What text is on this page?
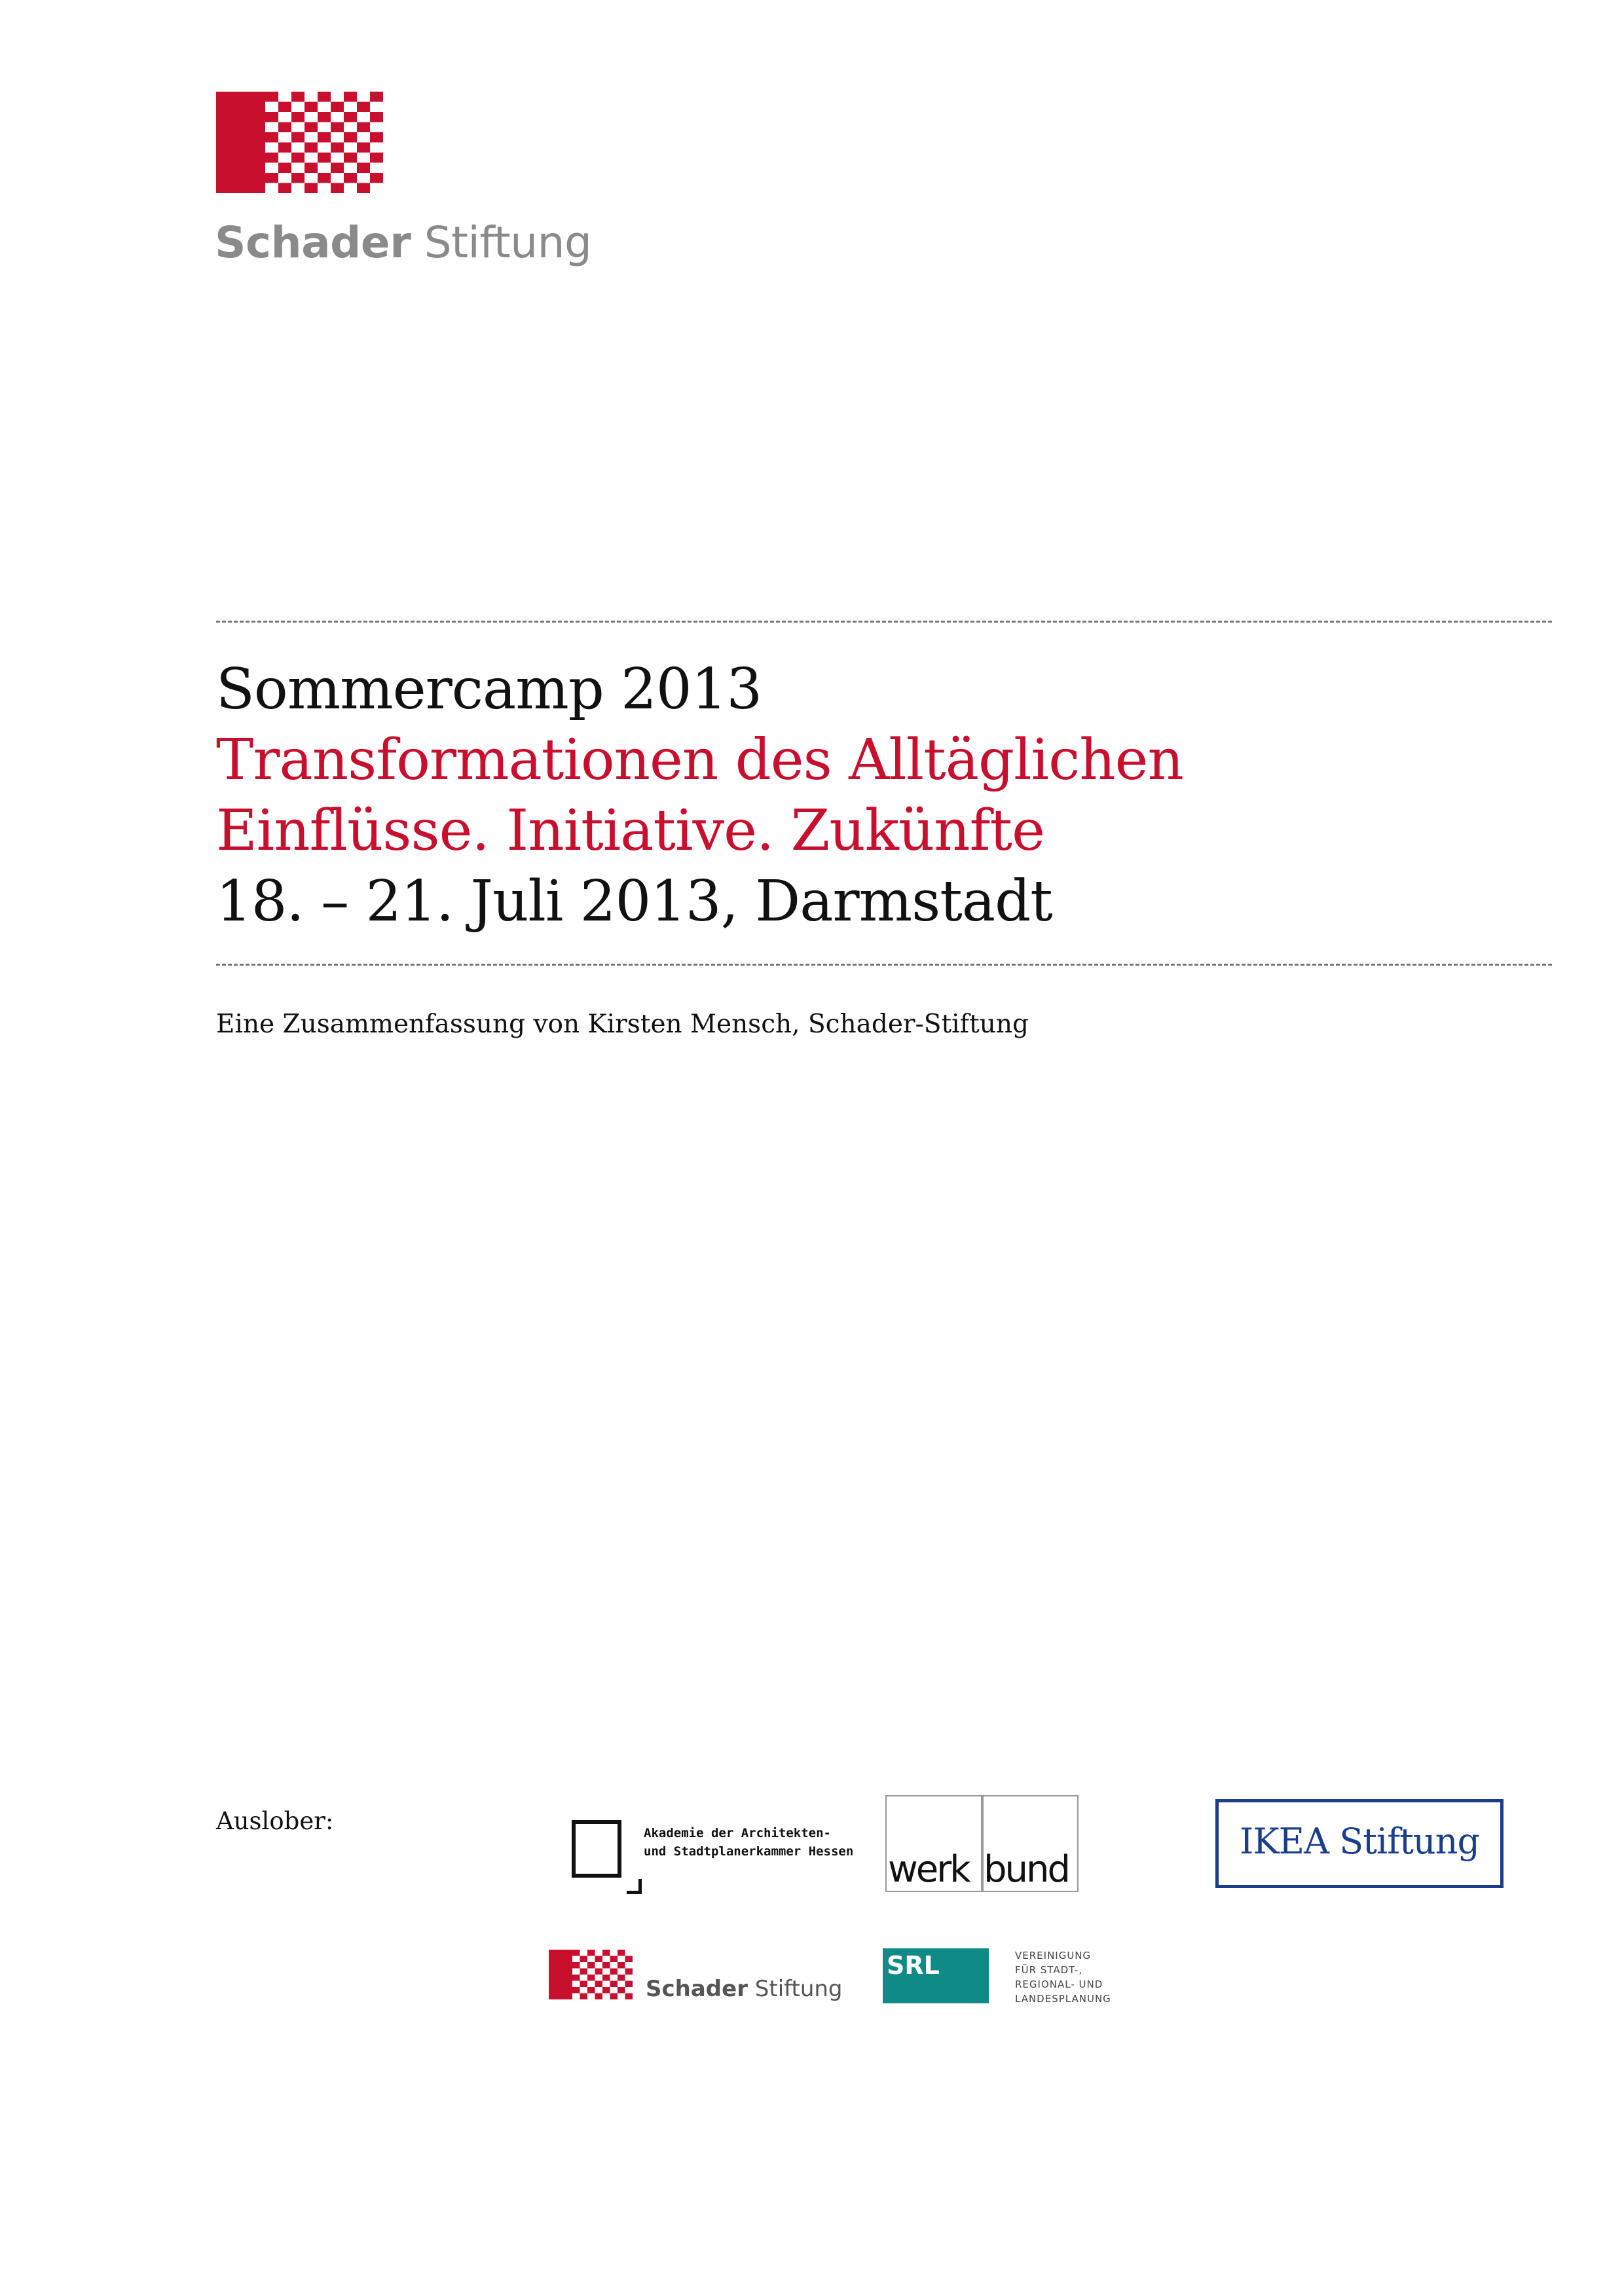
Schader Stiftung
Sommercamp 2013
Transformationen des Alltäglichen
Einflüsse. Initiative. Zukünfte
18. – 21. Juli 2013, Darmstadt
Eine Zusammenfassung von Kirsten Mensch, Schader-Stiftung
Auslober:	Akademie der Architekten-
und Stadtplanerkammer Hessen werk bund
IKEA Stiftung
Schader Stiftung
SRL	VEREINIGUNG
FÜR STADT-,
REGIONAL- UND
LANDESPLANUNG
